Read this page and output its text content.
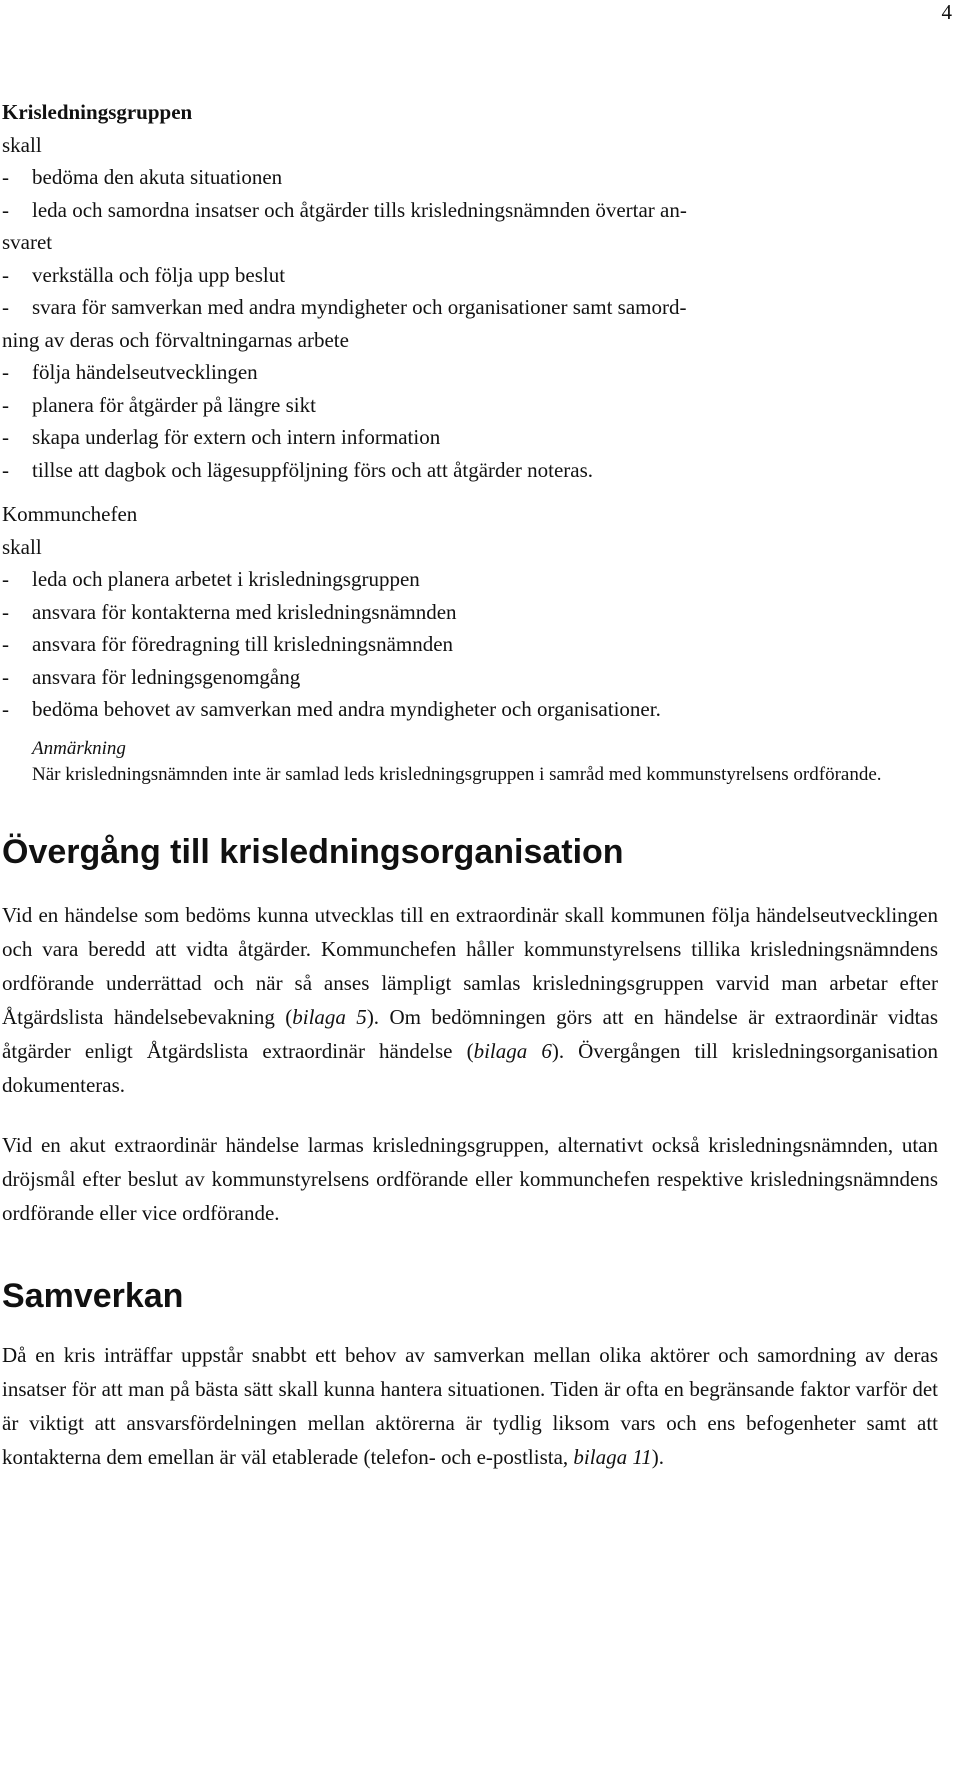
4
Krisledningsgruppen
skall
-	bedöma den akuta situationen
-	leda och samordna insatser och åtgärder tills krisledningsnämnden övertar an-
svaret
-	verkställa och följa upp beslut
-	svara för samverkan med andra myndigheter och organisationer samt samord-
ning av deras och förvaltningarnas arbete
-	följa händelseutvecklingen
-	planera för åtgärder på längre sikt
-	skapa underlag för extern och intern information
-	tillse att dagbok och lägesuppföljning förs och att åtgärder noteras.
Kommunchefen
skall
-	leda och planera arbetet i krisledningsgruppen
-	ansvara för kontakterna med krisledningsnämnden
-	ansvara för föredragning till krisledningsnämnden
-	ansvara för ledningsgenomgång
-	bedöma behovet av samverkan med andra myndigheter och organisationer.
Anmärkning

När krisledningsnämnden inte är samlad leds krisledningsgruppen i samråd med kommunstyrelsens ordförande.

Övergång till krisledningsorganisation

Vid en händelse som bedöms kunna utvecklas till en extraordinär skall kommunen följa händelseutvecklingen och vara beredd att vidta åtgärder. Kommunchefen håller kommunstyrelsens tillika krisledningsnämndens ordförande underrättad och när så anses lämpligt samlas krisledningsgruppen varvid man arbetar efter Åtgärdslista händelsebevakning (bilaga 5). Om bedömningen görs att en händelse är extraordinär vidtas åtgärder enligt Åtgärdslista extraordinär händelse (bilaga 6). Övergången till krisledningsorganisation dokumenteras.

Vid en akut extraordinär händelse larmas krisledningsgruppen, alternativt också krisledningsnämnden, utan dröjsmål efter beslut av kommunstyrelsens ordförande eller kommunchefen respektive krisledningsnämndens ordförande eller vice ordförande.

Samverkan

Då en kris inträffar uppstår snabbt ett behov av samverkan mellan olika aktörer och samordning av deras insatser för att man på bästa sätt skall kunna hantera situationen. Tiden är ofta en begränsande faktor varför det är viktigt att ansvarsfördelningen mellan aktörerna är tydlig liksom vars och ens befogenheter samt att kontakterna dem emellan är väl etablerade (telefon- och e-postlista, bilaga 11).
